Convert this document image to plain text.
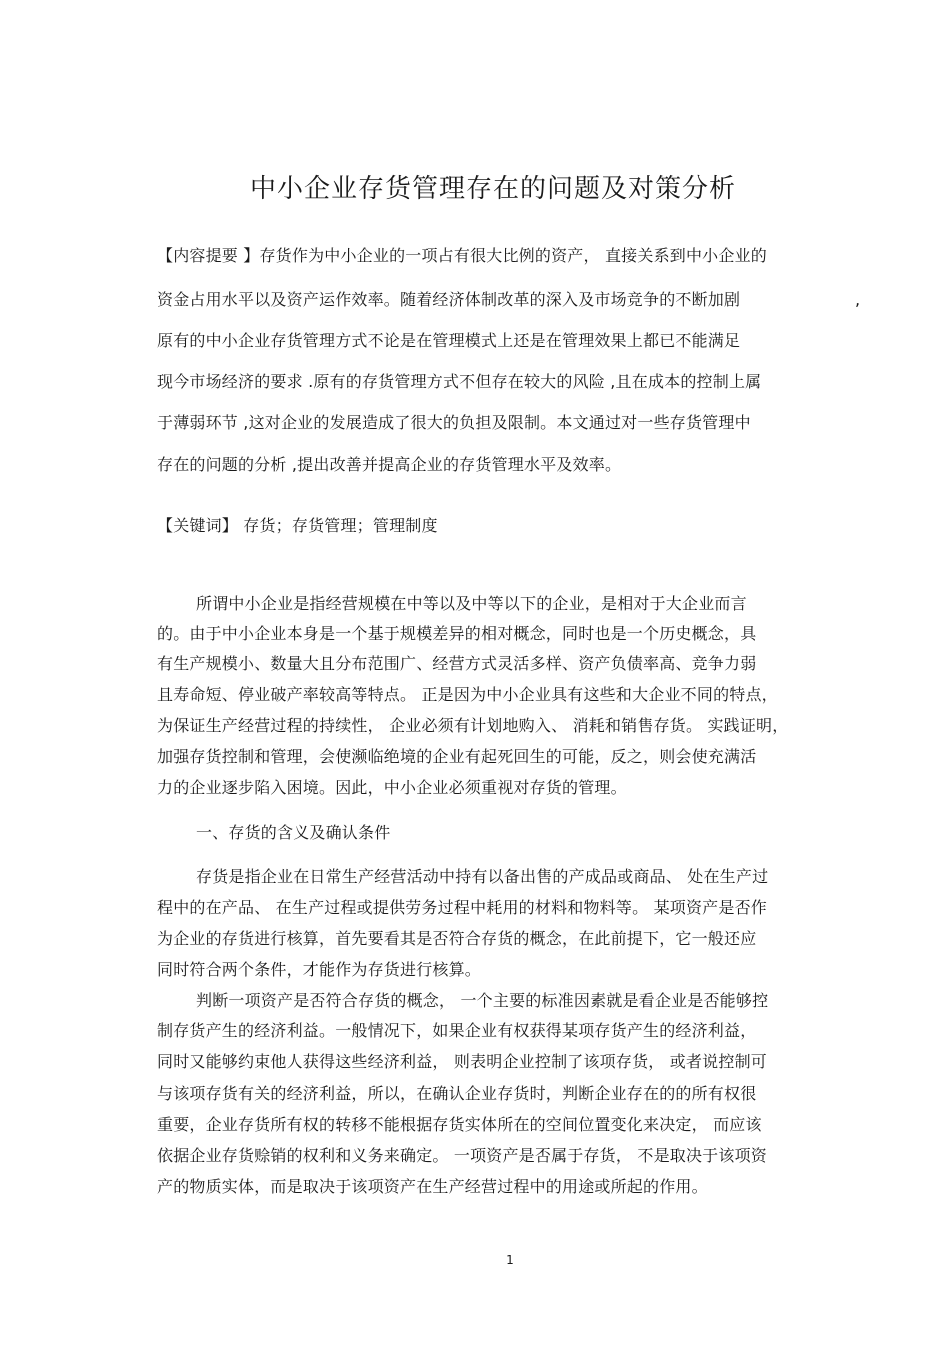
中小企业存货管理存在的问题及对策分析
【内容提要 】存货作为中小企业的一项占有很大比例的资产， 直接关系到中小企业的
资金占用水平以及资产运作效率。随着经济体制改革的深入及市场竞争的不断加剧	,
原有的中小企业存货管理方式不论是在管理模式上还是在管理效果上都已不能满足
现今市场经济的要求 .原有的存货管理方式不但存在较大的风险 ,且在成本的控制上属
于薄弱环节 ,这对企业的发展造成了很大的负担及限制。本文通过对一些存货管理中
存在的问题的分析 ,提出改善并提高企业的存货管理水平及效率。
【关键词】 存货；存货管理；管理制度
所谓中小企业是指经营规模在中等以及中等以下的企业，是相对于大企业而言
的。由于中小企业本身是一个基于规模差异的相对概念，同时也是一个历史概念，具
有生产规模小、数量大且分布范围广、经营方式灵活多样、资产负债率高、竞争力弱
且寿命短、停业破产率较高等特点。 正是因为中小企业具有这些和大企业不同的特点，
为保证生产经营过程的持续性， 企业必须有计划地购入、 消耗和销售存货。 实践证明，
加强存货控制和管理，会使濒临绝境的企业有起死回生的可能，反之，则会使充满活
力的企业逐步陷入困境。因此，中小企业必须重视对存货的管理。
一、存货的含义及确认条件
存货是指企业在日常生产经营活动中持有以备出售的产成品或商品、 处在生产过
程中的在产品、 在生产过程或提供劳务过程中耗用的材料和物料等。 某项资产是否作
为企业的存货进行核算，首先要看其是否符合存货的概念，在此前提下，它一般还应
同时符合两个条件，才能作为存货进行核算。
判断一项资产是否符合存货的概念， 一个主要的标准因素就是看企业是否能够控
制存货产生的经济利益。一般情况下，如果企业有权获得某项存货产生的经济利益，
同时又能够约束他人获得这些经济利益， 则表明企业控制了该项存货， 或者说控制可
与该项存货有关的经济利益，所以，在确认企业存货时，判断企业存在的的所有权很
重要，企业存货所有权的转移不能根据存货实体所在的空间位置变化来决定， 而应该
依据企业存货赊销的权利和义务来确定。 一项资产是否属于存货， 不是取决于该项资
产的物质实体，而是取决于该项资产在生产经营过程中的用途或所起的作用。
1
